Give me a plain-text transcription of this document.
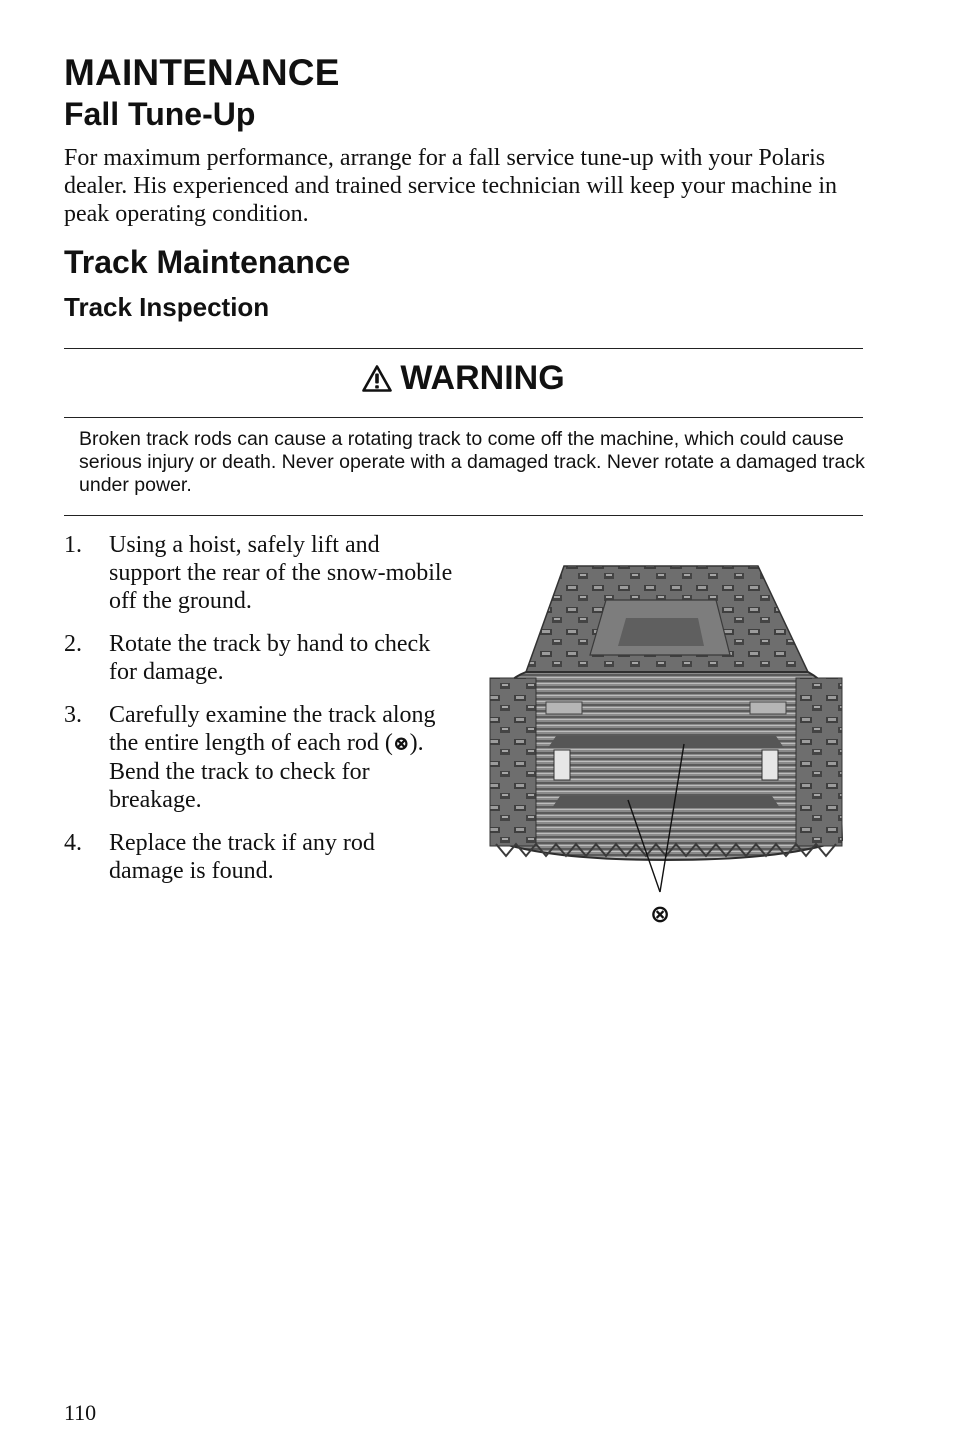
MAINTENANCE
Fall Tune-Up

For maximum performance, arrange for a fall service tune-up with your Polaris dealer. His experienced and trained service technician will keep your machine in peak operating condition.

Track Maintenance
Track Inspection
WARNING

Broken track rods can cause a rotating track to come off the machine, which could cause serious injury or death. Never operate with a damaged track. Never rotate a damaged track under power.

1. Using a hoist, safely lift and support the rear of the snow-mobile off the ground.
2. Rotate the track by hand to check for damage.
3. Carefully examine the track along the entire length of each rod (⊗). Bend the track to check for breakage.
4. Replace the track if any rod damage is found.
⊗
110
